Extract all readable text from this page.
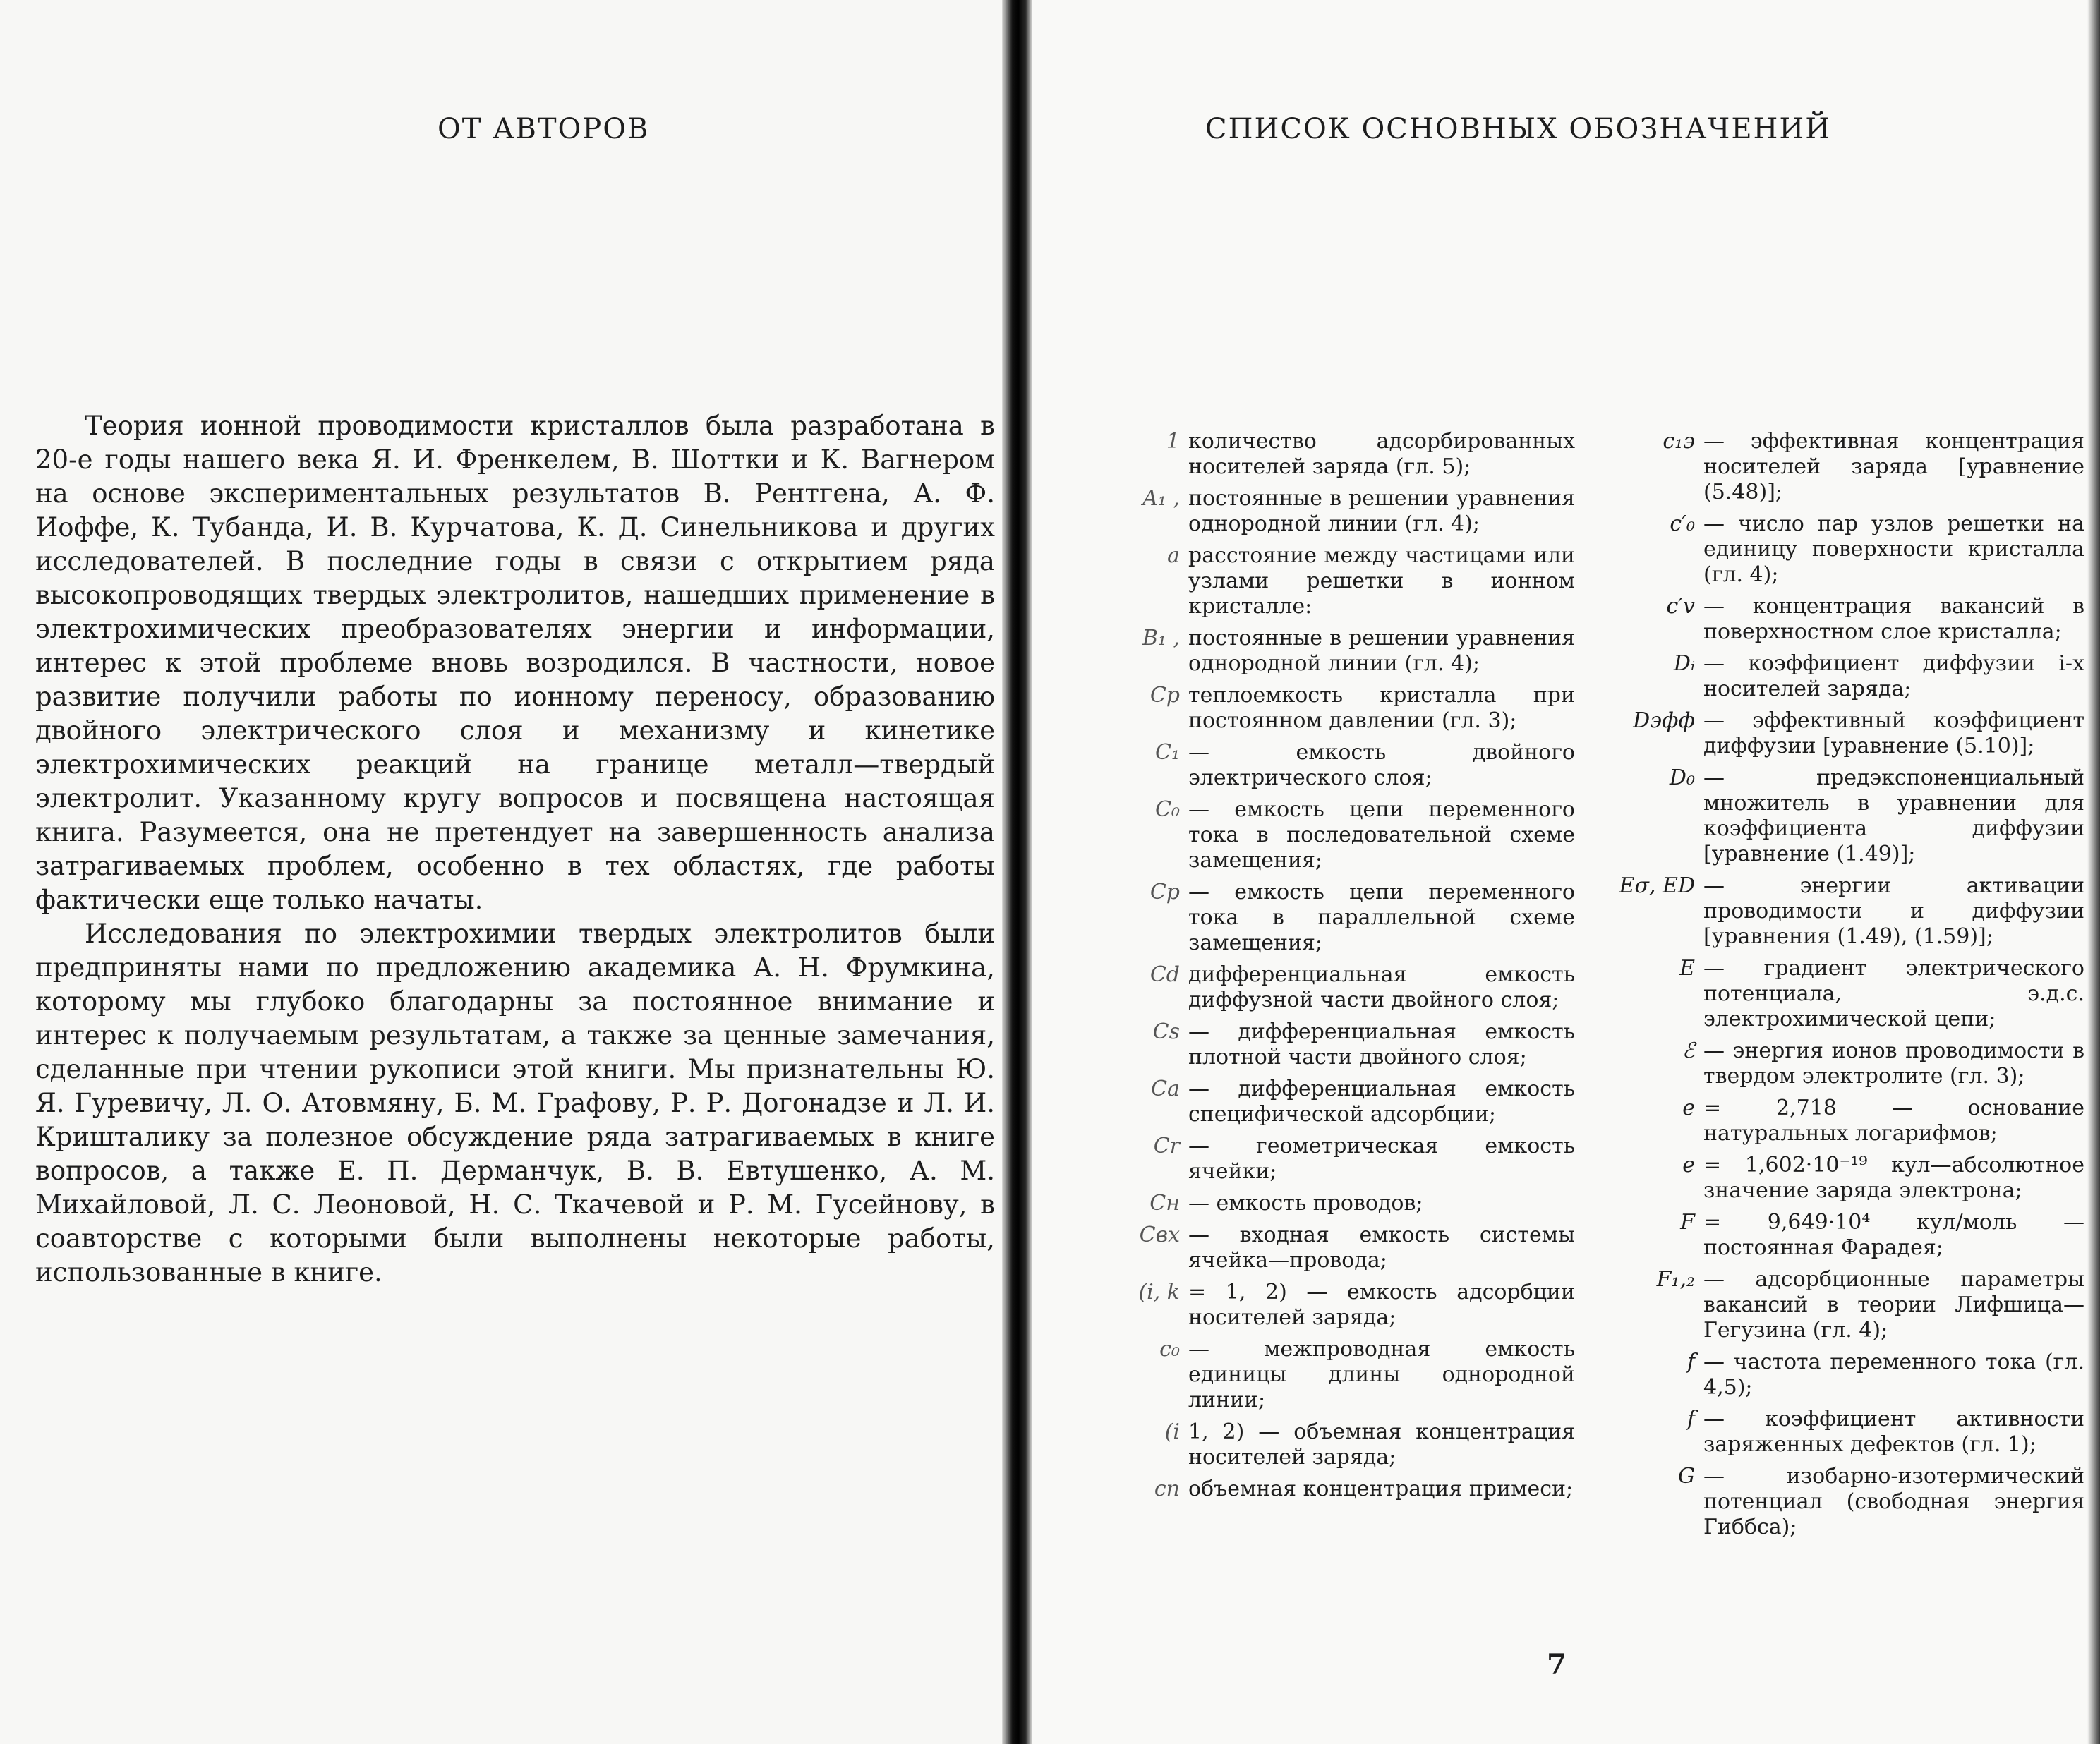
ОТ АВТОРОВ

Теория ионной проводимости кристаллов была разработана в 20-е годы нашего века Я. И. Френкелем, В. Шоттки и К. Вагнером на основе экспериментальных результатов В. Рентгена, А. Ф. Иоффе, К. Тубанда, И. В. Курчатова, К. Д. Синельникова и других исследователей. В последние годы в связи с открытием ряда высокопроводящих твердых электролитов, нашедших применение в электрохимических преобразователях энергии и информации, интерес к этой проблеме вновь возродился. В частности, новое развитие получили работы по ионному переносу, образованию двойного электрического слоя и механизму и кинетике электрохимических реакций на границе металл—твердый электролит. Указанному кругу вопросов и посвящена настоящая книга. Разумеется, она не претендует на завершенность анализа затрагиваемых проблем, особенно в тех областях, где работы фактически еще только начаты.

Исследования по электрохимии твердых электролитов были предприняты нами по предложению академика А. Н. Фрумкина, которому мы глубоко благодарны за постоянное внимание и интерес к получаемым результатам, а также за ценные замечания, сделанные при чтении рукописи этой книги. Мы признательны Ю. Я. Гуревичу, Л. О. Атовмяну, Б. М. Графову, Р. Р. Догонадзе и Л. И. Кришталику за полезное обсуждение ряда затрагиваемых в книге вопросов, а также Е. П. Дерманчук, В. В. Евтушенко, А. М. Михайловой, Л. С. Леоновой, Н. С. Ткачевой и Р. М. Гусейнову, в соавторстве с которыми были выполнены некоторые работы, использованные в книге.

СПИСОК ОСНОВНЫХ ОБОЗНАЧЕНИЙ
1 количество адсорбированных носителей заряда (гл. 5);
A₁ , постоянные в решении уравнения однородной линии (гл. 4);
a расстояние между частицами или узлами решетки в ионном кристалле:
B₁ , постоянные в решении уравнения однородной линии (гл. 4);
Cp теплоемкость кристалла при постоянном давлении (гл. 3);
C₁ — емкость двойного электрического слоя;
C₀ — емкость цепи переменного тока в последовательной схеме замещения;
Cp — емкость цепи переменного тока в параллельной схеме замещения;
Cd дифференциальная емкость диффузной части двойного слоя;
Cs — дифференциальная емкость плотной части двойного слоя;
Ca — дифференциальная емкость специфической адсорбции;
Cr — геометрическая емкость ячейки;
Cн — емкость проводов;
Cвх — входная емкость системы ячейка—провода;
(i, k = 1, 2) — емкость адсорбции носителей заряда;
c₀ — межпроводная емкость единицы длины однородной линии;
(i 1, 2) — объемная концентрация носителей заряда;
cп объемная концентрация примеси;
c₁э — эффективная концентрация носителей заряда [уравнение (5.48)];
c′₀ — число пар узлов решетки на единицу поверхности кристалла (гл. 4);
c′v — концентрация вакансий в поверхностном слое кристалла;
Dᵢ — коэффициент диффузии i-х носителей заряда;
Dэфф — эффективный коэффициент диффузии [уравнение (5.10)];
D₀ — предэкспоненциальный множитель в уравнении для коэффициента диффузии [уравнение (1.49)];
Eσ, ED — энергии активации проводимости и диффузии [уравнения (1.49), (1.59)];
E — градиент электрического потенциала, э.д.с. электрохимической цепи;
ℰ — энергия ионов проводимости в твердом электролите (гл. 3);
e = 2,718 — основание натуральных логарифмов;
e = 1,602·10⁻¹⁹ кул—абсолютное значение заряда электрона;
F = 9,649·10⁴ кул/моль — постоянная Фарадея;
F₁,₂ — адсорбционные параметры вакансий в теории Лифшица—Гегузина (гл. 4);
f — частота переменного тока (гл. 4,5);
f — коэффициент активности заряженных дефектов (гл. 1);
G — изобарно-изотермический потенциал (свободная энергия Гиббса);
7
